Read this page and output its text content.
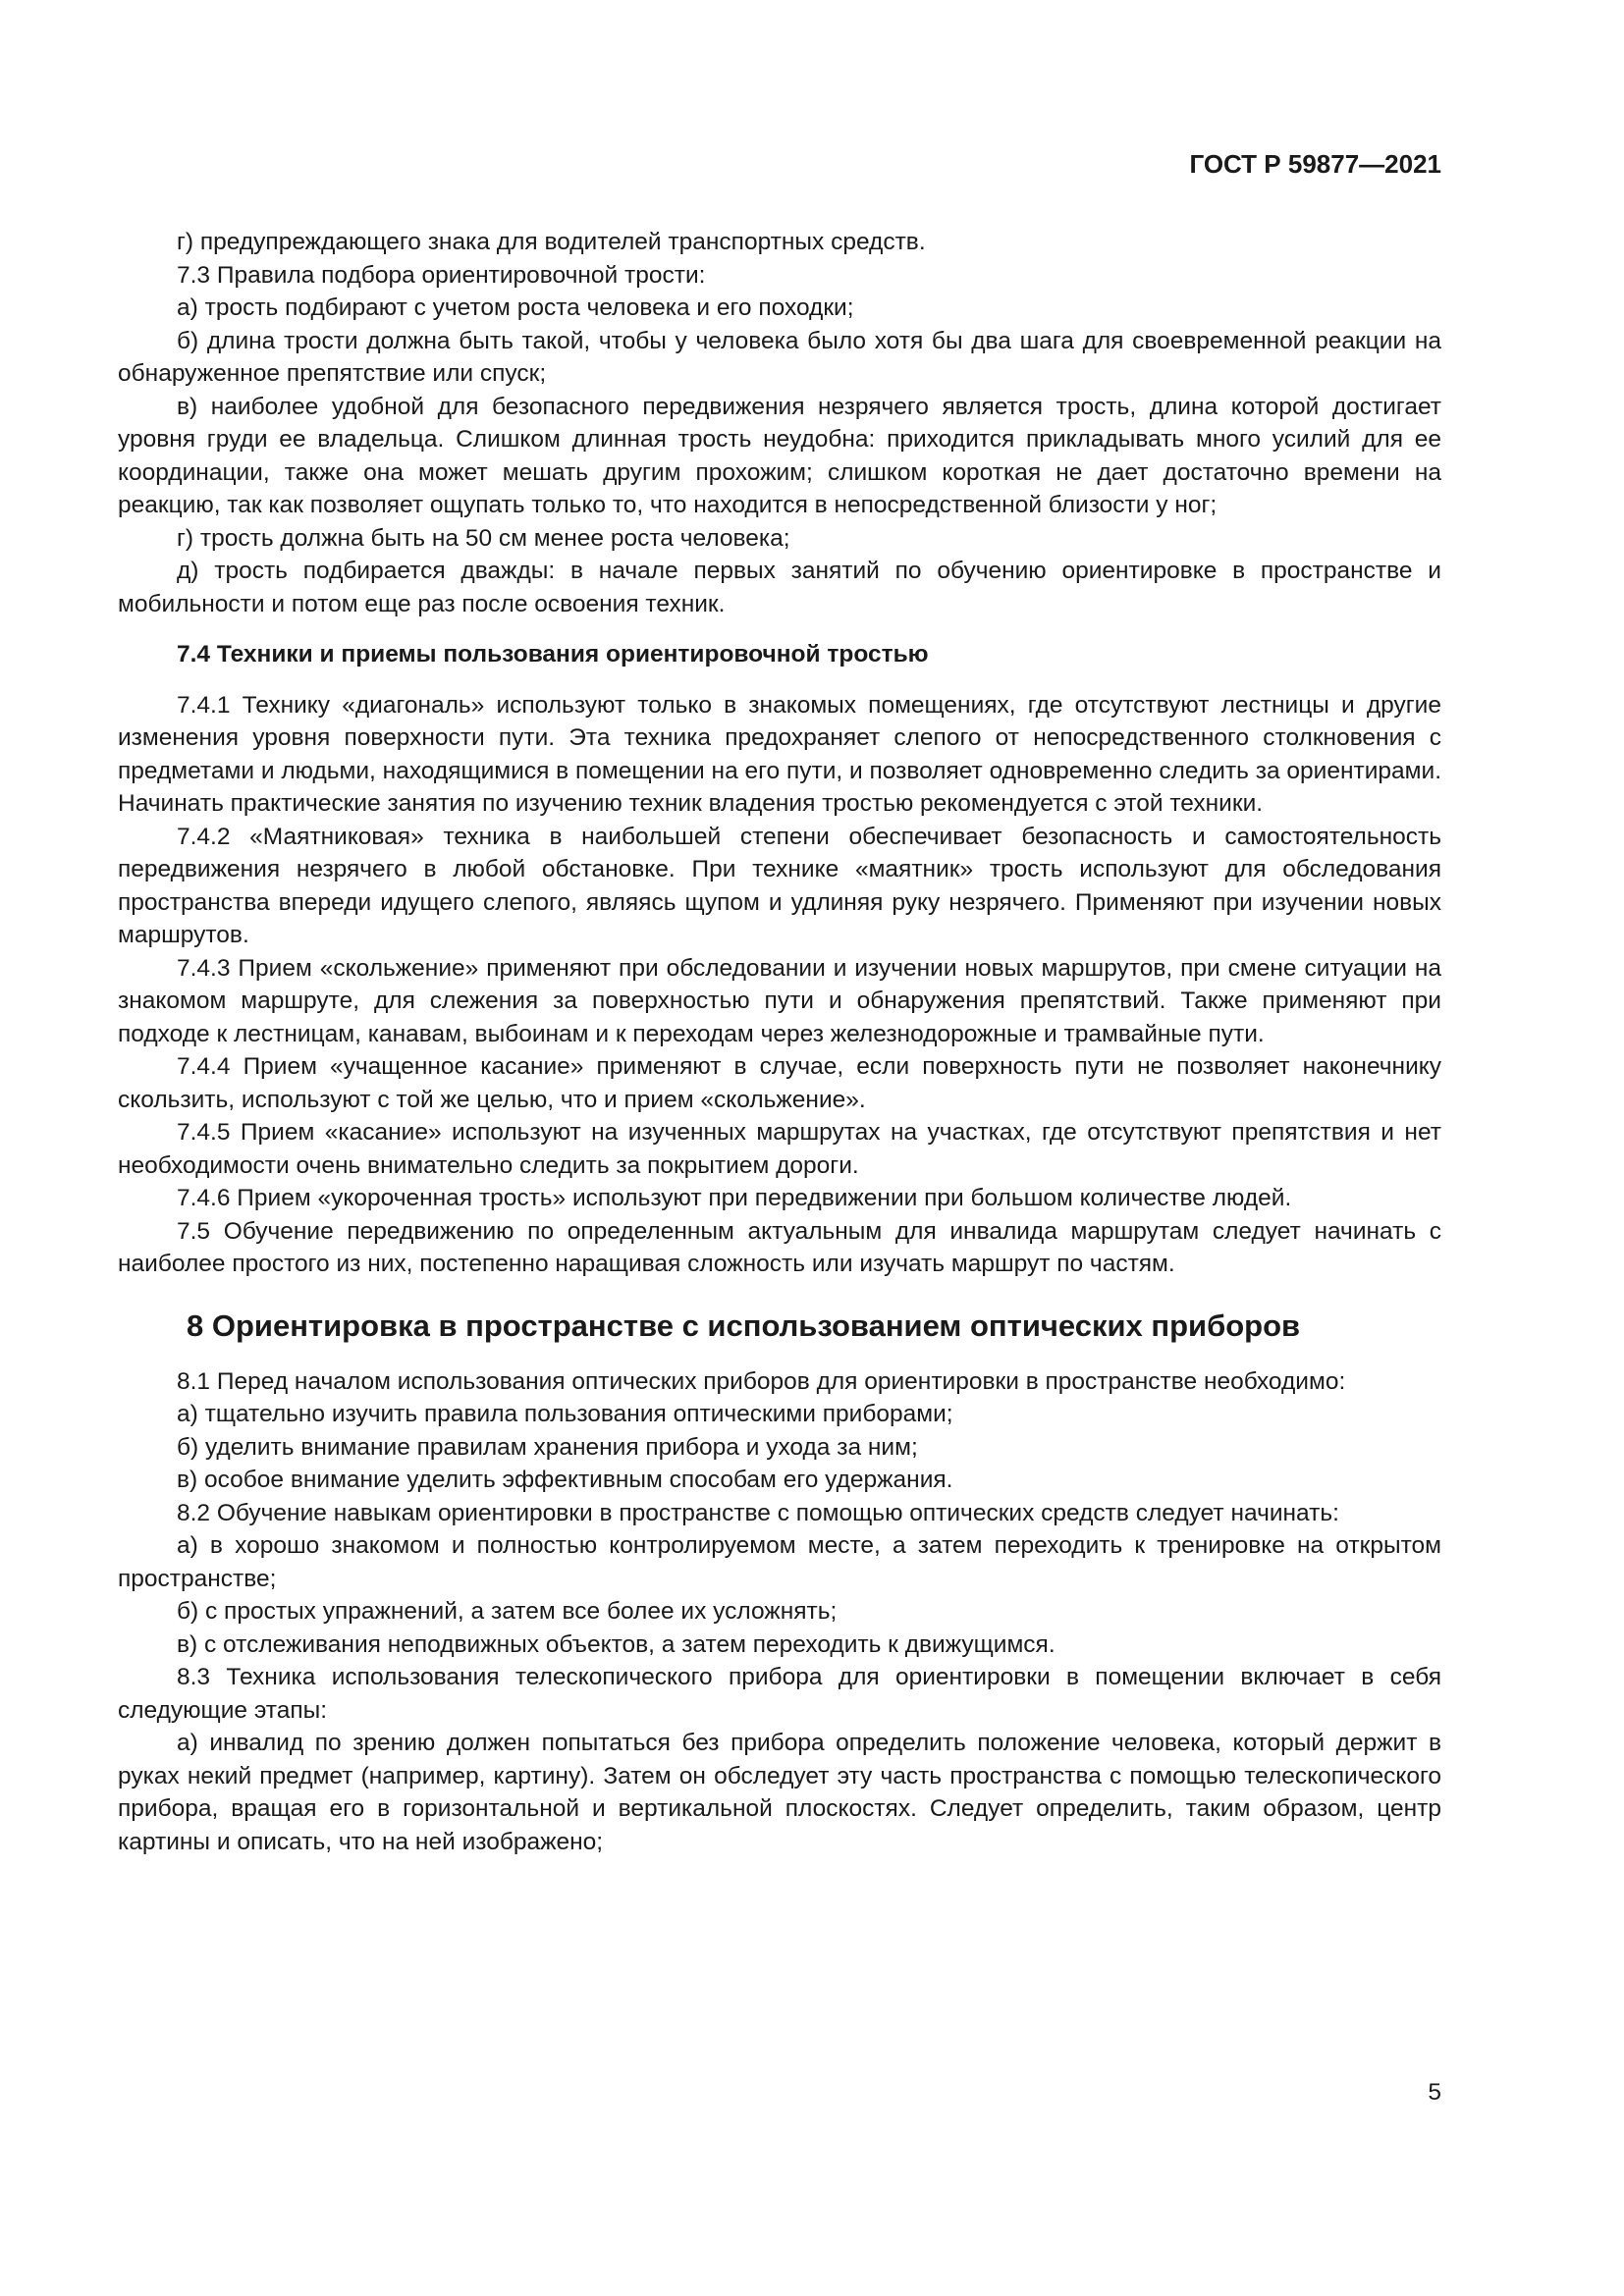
ГОСТ Р 59877—2021

г) предупреждающего знака для водителей транспортных средств.

7.3 Правила подбора ориентировочной трости:

а) трость подбирают с учетом роста человека и его походки;

б) длина трости должна быть такой, чтобы у человека было хотя бы два шага для своевременной реакции на обнаруженное препятствие или спуск;

в) наиболее удобной для безопасного передвижения незрячего является трость, длина которой достигает уровня груди ее владельца. Слишком длинная трость неудобна: приходится прикладывать много усилий для ее координации, также она может мешать другим прохожим; слишком короткая не дает достаточно времени на реакцию, так как позволяет ощупать только то, что находится в непосредственной близости у ног;

г) трость должна быть на 50 см менее роста человека;

д) трость подбирается дважды: в начале первых занятий по обучению ориентировке в пространстве и мобильности и потом еще раз после освоения техник.

7.4 Техники и приемы пользования ориентировочной тростью

7.4.1 Технику «диагональ» используют только в знакомых помещениях, где отсутствуют лестницы и другие изменения уровня поверхности пути. Эта техника предохраняет слепого от непосредственного столкновения с предметами и людьми, находящимися в помещении на его пути, и позволяет одновременно следить за ориентирами. Начинать практические занятия по изучению техник владения тростью рекомендуется с этой техники.

7.4.2 «Маятниковая» техника в наибольшей степени обеспечивает безопасность и самостоятельность передвижения незрячего в любой обстановке. При технике «маятник» трость используют для обследования пространства впереди идущего слепого, являясь щупом и удлиняя руку незрячего. Применяют при изучении новых маршрутов.

7.4.3 Прием «скольжение» применяют при обследовании и изучении новых маршрутов, при смене ситуации на знакомом маршруте, для слежения за поверхностью пути и обнаружения препятствий. Также применяют при подходе к лестницам, канавам, выбоинам и к переходам через железнодорожные и трамвайные пути.

7.4.4 Прием «учащенное касание» применяют в случае, если поверхность пути не позволяет наконечнику скользить, используют с той же целью, что и прием «скольжение».

7.4.5 Прием «касание» используют на изученных маршрутах на участках, где отсутствуют препятствия и нет необходимости очень внимательно следить за покрытием дороги.

7.4.6 Прием «укороченная трость» используют при передвижении при большом количестве людей.

7.5 Обучение передвижению по определенным актуальным для инвалида маршрутам следует начинать с наиболее простого из них, постепенно наращивая сложность или изучать маршрут по частям.

8 Ориентировка в пространстве с использованием оптических приборов

8.1 Перед началом использования оптических приборов для ориентировки в пространстве необходимо:

а) тщательно изучить правила пользования оптическими приборами;

б) уделить внимание правилам хранения прибора и ухода за ним;

в) особое внимание уделить эффективным способам его удержания.

8.2 Обучение навыкам ориентировки в пространстве с помощью оптических средств следует начинать:

а) в хорошо знакомом и полностью контролируемом месте, а затем переходить к тренировке на открытом пространстве;

б) с простых упражнений, а затем все более их усложнять;

в) с отслеживания неподвижных объектов, а затем переходить к движущимся.

8.3 Техника использования телескопического прибора для ориентировки в помещении включает в себя следующие этапы:

а) инвалид по зрению должен попытаться без прибора определить положение человека, который держит в руках некий предмет (например, картину). Затем он обследует эту часть пространства с помощью телескопического прибора, вращая его в горизонтальной и вертикальной плоскостях. Следует определить, таким образом, центр картины и описать, что на ней изображено;

5
